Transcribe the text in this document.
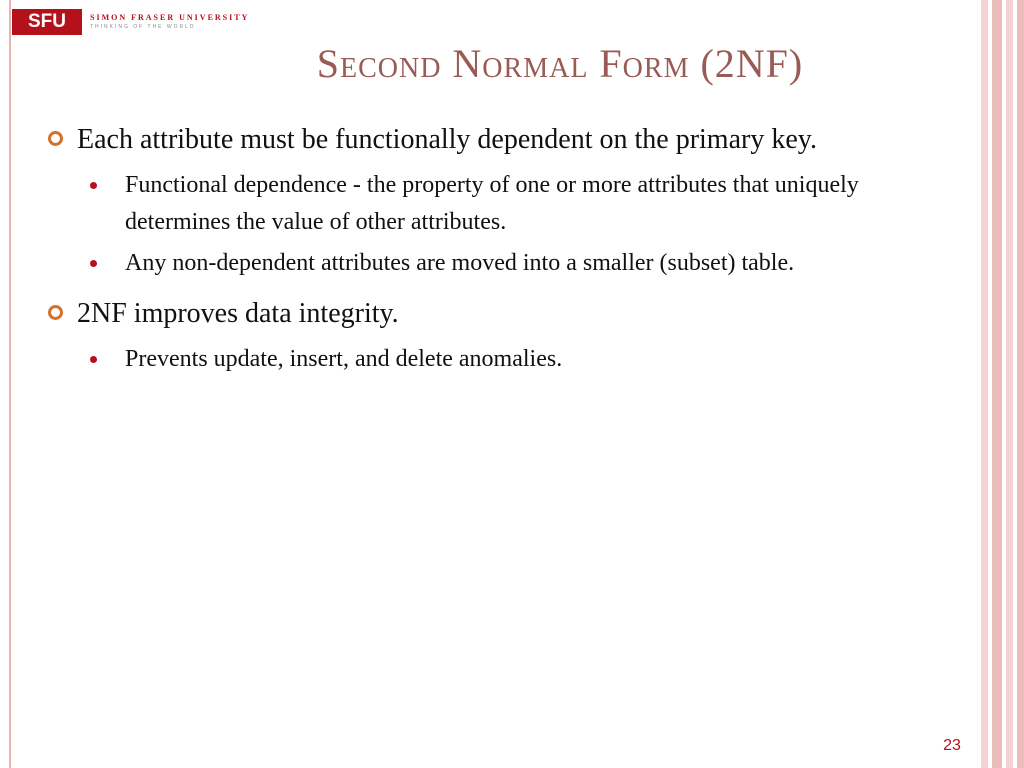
SFU	SIMON FRASER UNIVERSITY
THINKING OF THE WORLD
Second Normal Form (2NF)
Each attribute must be functionally dependent on the primary key.
Functional dependence - the property of one or more attributes that uniquely determines the value of other attributes.
Any non-dependent attributes are moved into a smaller (subset) table.
2NF improves data integrity.
Prevents update, insert, and delete anomalies.
23
